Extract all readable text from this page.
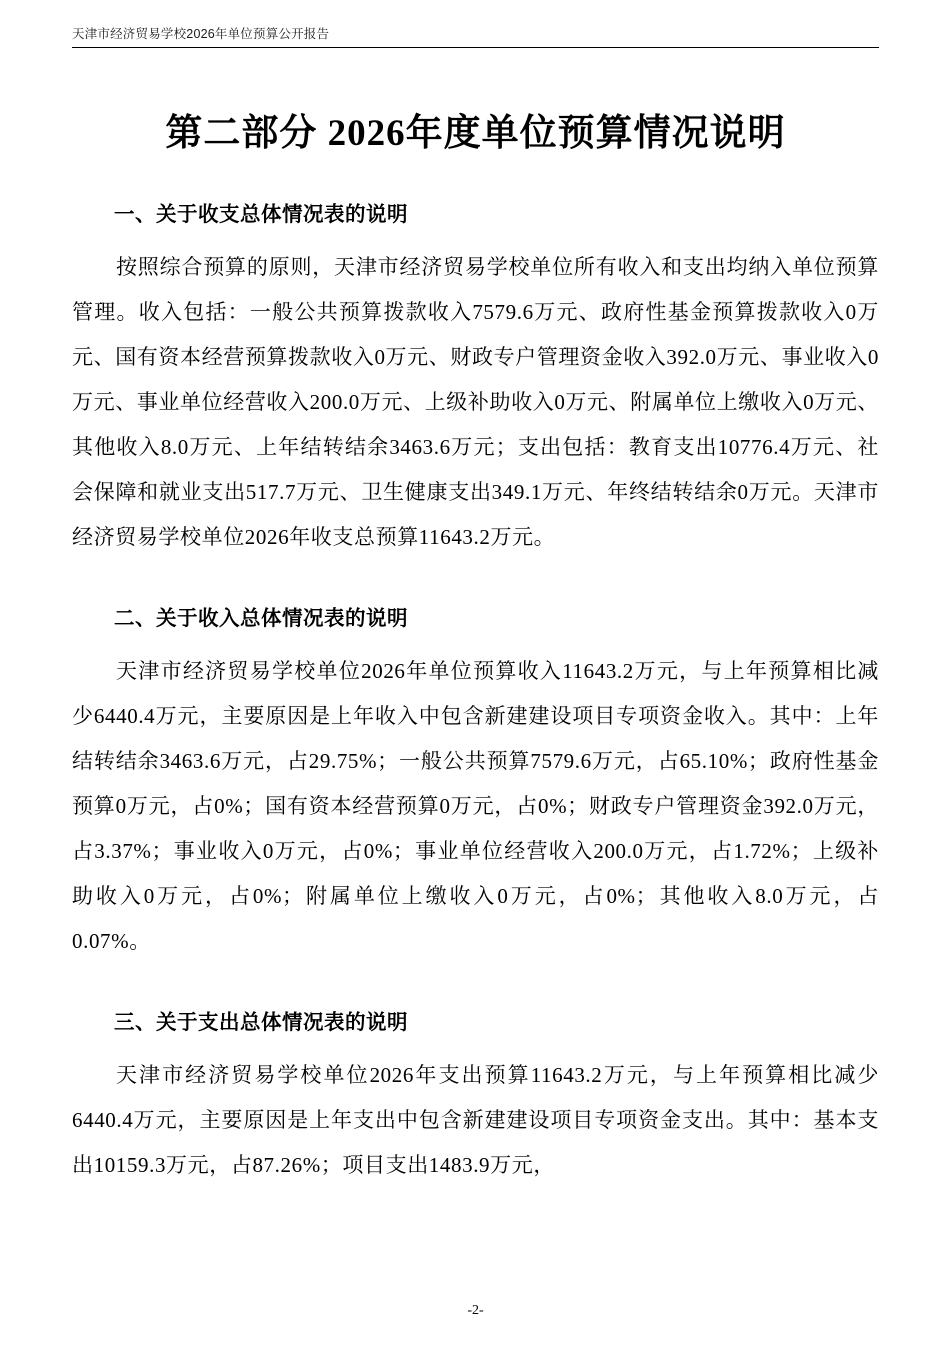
天津市经济贸易学校2026年单位预算公开报告
第二部分 2026年度单位预算情况说明
一、关于收支总体情况表的说明

按照综合预算的原则，天津市经济贸易学校单位所有收入和支出均纳入单位预算管理。收入包括：一般公共预算拨款收入7579.6万元、政府性基金预算拨款收入0万元、国有资本经营预算拨款收入0万元、财政专户管理资金收入392.0万元、事业收入0万元、事业单位经营收入200.0万元、上级补助收入0万元、附属单位上缴收入0万元、其他收入8.0万元、上年结转结余3463.6万元；支出包括：教育支出10776.4万元、社会保障和就业支出517.7万元、卫生健康支出349.1万元、年终结转结余0万元。天津市经济贸易学校单位2026年收支总预算11643.2万元。

二、关于收入总体情况表的说明

天津市经济贸易学校单位2026年单位预算收入11643.2万元，与上年预算相比减少6440.4万元，主要原因是上年收入中包含新建建设项目专项资金收入。其中：上年结转结余3463.6万元，占29.75%；一般公共预算7579.6万元，占65.10%；政府性基金预算0万元，占0%；国有资本经营预算0万元，占0%；财政专户管理资金392.0万元，占3.37%；事业收入0万元，占0%；事业单位经营收入200.0万元，占1.72%；上级补助收入0万元，占0%；附属单位上缴收入0万元，占0%；其他收入8.0万元，占0.07%。

三、关于支出总体情况表的说明

天津市经济贸易学校单位2026年支出预算11643.2万元，与上年预算相比减少6440.4万元，主要原因是上年支出中包含新建建设项目专项资金支出。其中：基本支出10159.3万元，占87.26%；项目支出1483.9万元，

-2-
